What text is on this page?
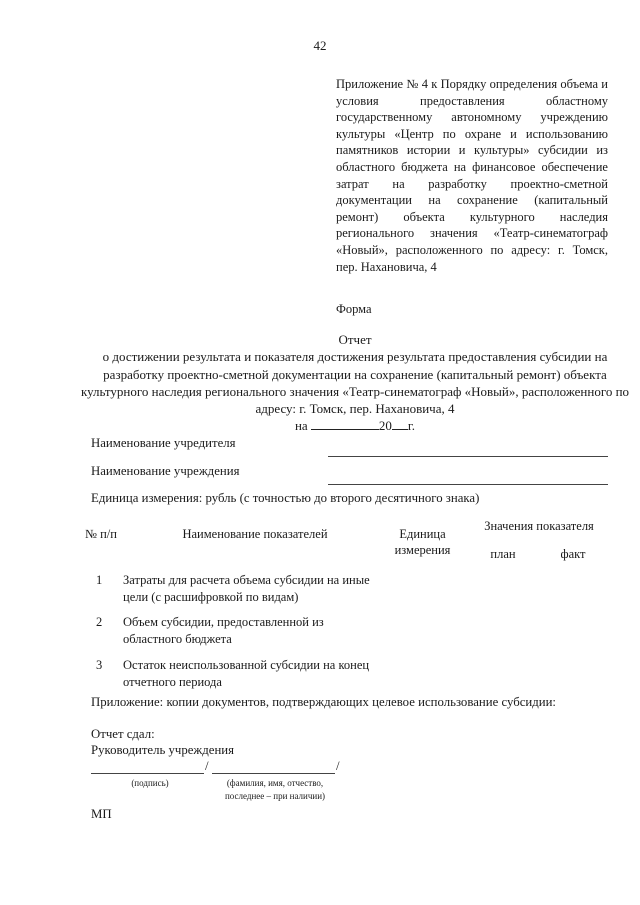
42

Приложение № 4 к Порядку определения объема и условия предоставления областному государственному автономному учреждению культуры «Центр по охране и использованию памятников истории и культуры» субсидии из областного бюджета на финансовое обеспечение затрат на разработку проектно-сметной документации на сохранение (капитальный ремонт) объекта культурного наследия регионального значения «Театр-синематограф «Новый», расположенного по адресу: г. Томск, пер. Нахановича, 4

Форма

Отчет

о достижении результата и показателя достижения результата предоставления субсидии на разработку проектно-сметной документации на сохранение (капитальный ремонт) объекта культурного наследия регионального значения «Театр-синематограф «Новый», расположенного по адресу: г. Томск, пер. Нахановича, 4

на	20 г.

Наименование учредителя
Наименование учреждения
Единица измерения: рубль (с точностью до второго десятичного знака)
№ п/п	Наименование показателей	Единица измерения
Значения показателя
план	факт
1 Затраты для расчета объема субсидии на иные цели (с расшифровкой по видам)
2 Объем субсидии, предоставленной из областного бюджета
3 Остаток неиспользованной субсидии на конец отчетного периода
Приложение: копии документов, подтверждающих целевое использование субсидии:
Отчет сдал:
Руководитель учреждения
/	/
(подпись)	(фамилия, имя, отчество,
последнее – при наличии)
МП
